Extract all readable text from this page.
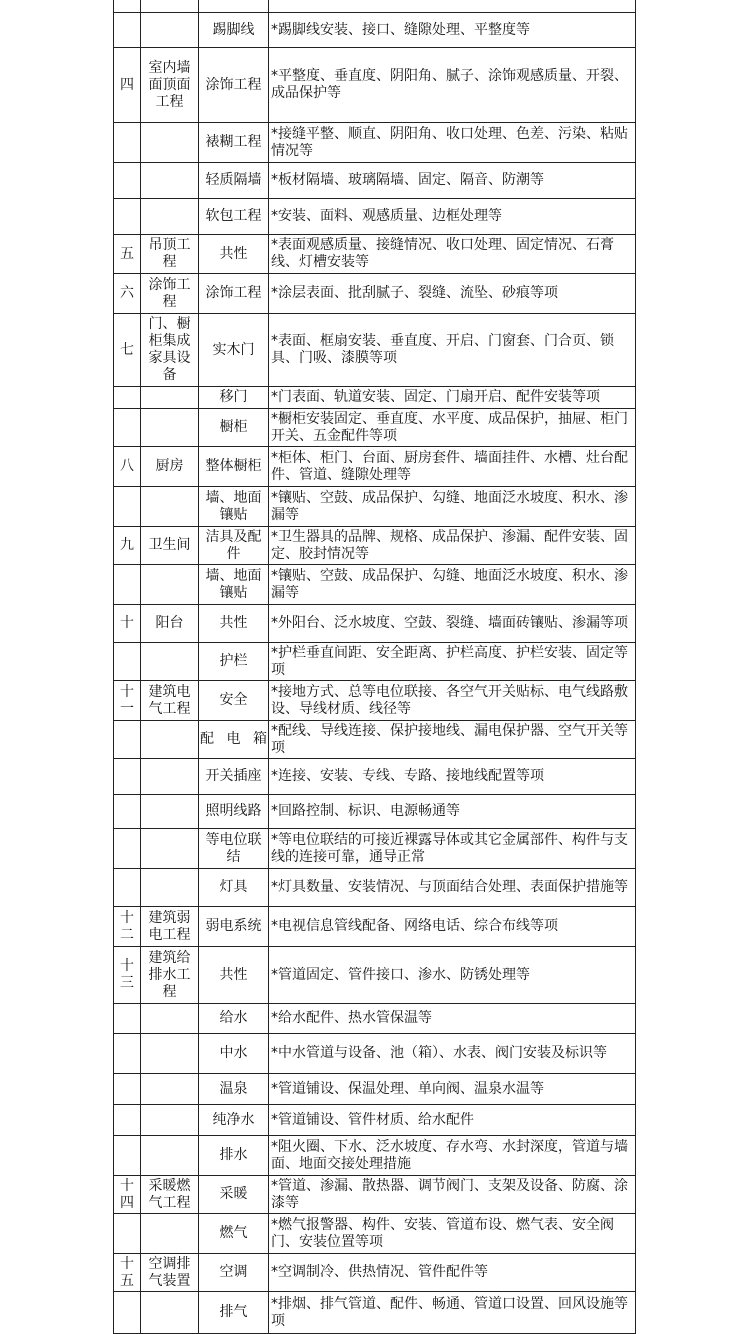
		踢脚线	*踢脚线安装、接口、缝隙处理、平整度等
四	室内墙面顶面工程	涂饰工程	*平整度、垂直度、阴阳角、腻子、涂饰观感质量、开裂、成品保护等
		裱糊工程	*接缝平整、顺直、阴阳角、收口处理、色差、污染、粘贴情况等
		轻质隔墙	*板材隔墙、玻璃隔墙、固定、隔音、防潮等
		软包工程	*安装、面料、观感质量、边框处理等
五	吊顶工程	共性	*表面观感质量、接缝情况、收口处理、固定情况、石膏线、灯槽安装等
六	涂饰工程	涂饰工程	*涂层表面、批刮腻子、裂缝、流坠、砂痕等项
七	门、橱柜集成家具设备	实木门	*表面、框扇安装、垂直度、开启、门窗套、门合页、锁具、门吸、漆膜等项
		移门	*门表面、轨道安装、固定、门扇开启、配件安装等项
		橱柜	*橱柜安装固定、垂直度、水平度、成品保护，抽屉、柜门开关、五金配件等项
八	厨房	整体橱柜	*柜体、柜门、台面、厨房套件、墙面挂件、水槽、灶台配件、管道、缝隙处理等
		墙、地面镶贴	*镶贴、空鼓、成品保护、勾缝、地面泛水坡度、积水、渗漏等
九	卫生间	洁具及配件	*卫生器具的品牌、规格、成品保护、渗漏、配件安装、固定、胶封情况等
		墙、地面镶贴	*镶贴、空鼓、成品保护、勾缝、地面泛水坡度、积水、渗漏等
十	阳台	共性	*外阳台、泛水坡度、空鼓、裂缝、墙面砖镶贴、渗漏等项
		护栏	*护栏垂直间距、安全距离、护栏高度、护栏安装、固定等项
十一	建筑电气工程	安全	*接地方式、总等电位联接、各空气开关贴标、电气线路敷设、导线材质、线径等
		配电箱	*配线、导线连接、保护接地线、漏电保护器、空气开关等项
		开关插座	*连接、安装、专线、专路、接地线配置等项
		照明线路	*回路控制、标识、电源畅通等
		等电位联结	*等电位联结的可接近裸露导体或其它金属部件、构件与支线的连接可靠，通导正常
		灯具	*灯具数量、安装情况、与顶面结合处理、表面保护措施等
十二	建筑弱电工程	弱电系统	*电视信息管线配备、网络电话、综合布线等项
十三	建筑给排水工程	共性	*管道固定、管件接口、渗水、防锈处理等
		给水	*给水配件、热水管保温等
		中水	*中水管道与设备、池（箱）、水表、阀门安装及标识等
		温泉	*管道铺设、保温处理、单向阀、温泉水温等
		纯净水	*管道铺设、管件材质、给水配件
		排水	*阻火圈、下水、泛水坡度、存水弯、水封深度，管道与墙面、地面交接处理措施
十四	采暖燃气工程	采暖	*管道、渗漏、散热器、调节阀门、支架及设备、防腐、涂漆等
		燃气	*燃气报警器、构件、安装、管道布设、燃气表、安全阀门、安装位置等项
十五	空调排气装置	空调	*空调制冷、供热情况、管件配件等
		排气	*排烟、排气管道、配件、畅通、管道口设置、回风设施等项
